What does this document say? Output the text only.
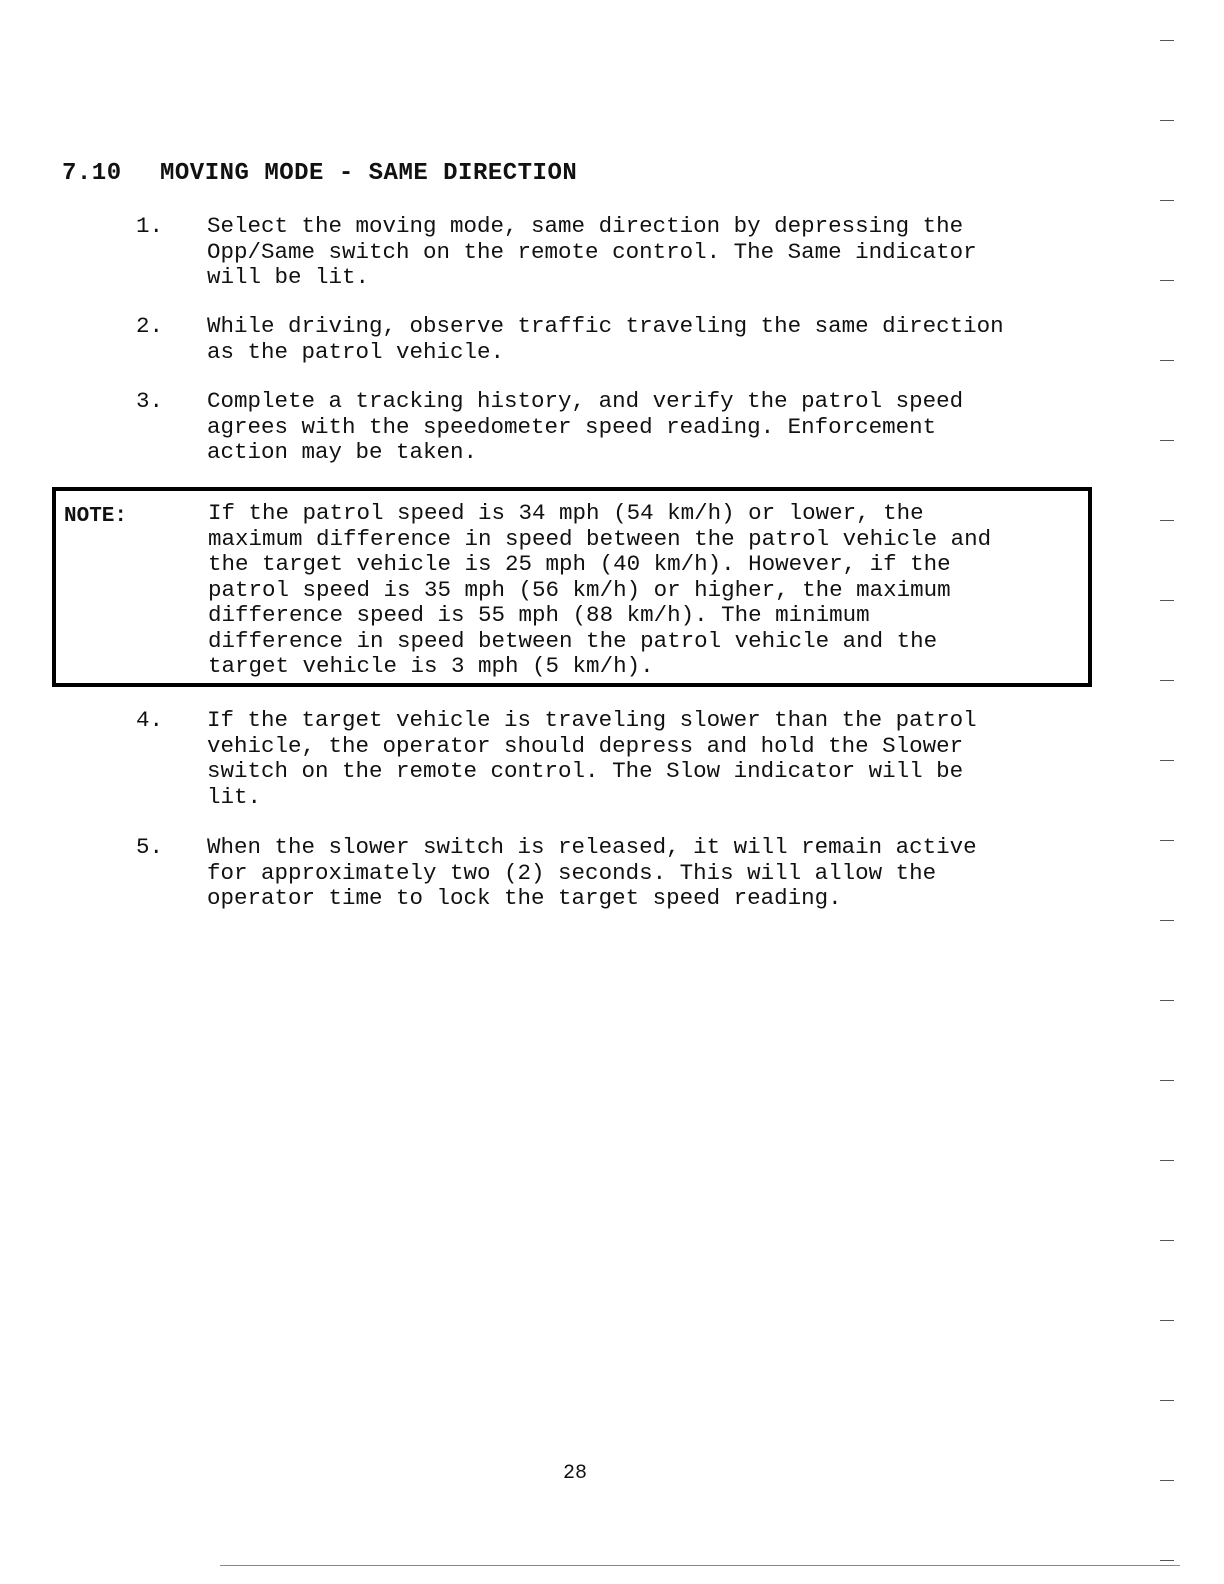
7.10 MOVING MODE - SAME DIRECTION
1. Select the moving mode, same direction by depressing the
Opp/Same switch on the remote control. The Same indicator
will be lit.
2. While driving, observe traffic traveling the same direction
as the patrol vehicle.
3. Complete a tracking history, and verify the patrol speed
agrees with the speedometer speed reading. Enforcement
action may be taken.
NOTE:	If the patrol speed is 34 mph (54 km/h) or lower, the
maximum difference in speed between the patrol vehicle and
the target vehicle is 25 mph (40 km/h). However, if the
patrol speed is 35 mph (56 km/h) or higher, the maximum
difference speed is 55 mph (88 km/h). The minimum
difference in speed between the patrol vehicle and the
target vehicle is 3 mph (5 km/h).
4. If the target vehicle is traveling slower than the patrol
vehicle, the operator should depress and hold the Slower
switch on the remote control. The Slow indicator will be
lit.
5. When the slower switch is released, it will remain active
for approximately two (2) seconds. This will allow the
operator time to lock the target speed reading.
28
